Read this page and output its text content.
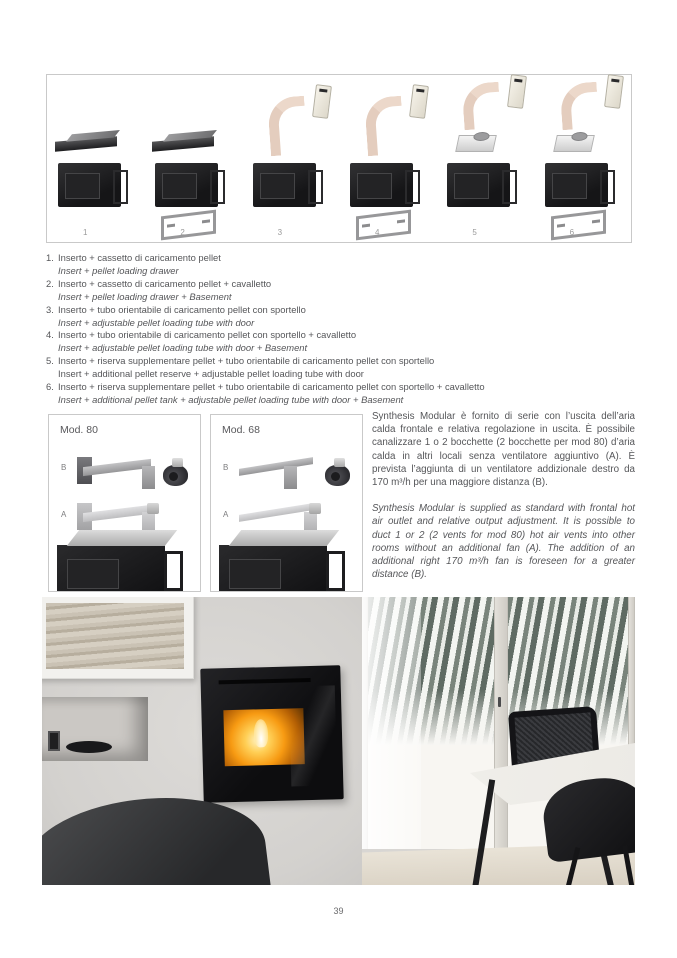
1	2	3	4	5	6
1. Inserto + cassetto di caricamento pellet
Insert + pellet loading drawer
2. Inserto + cassetto di caricamento pellet + cavalletto
Insert + pellet loading drawer + Basement
3. Inserto + tubo orientabile di caricamento pellet con sportello
Insert + adjustable pellet loading tube with door
4. Inserto + tubo orientabile di caricamento pellet con sportello + cavalletto
Insert + adjustable pellet loading tube with door + Basement
5. Inserto + riserva supplementare pellet + tubo orientabile di caricamento pellet con sportello
Insert + additional pellet reserve + adjustable pellet loading tube with door
6. Inserto + riserva supplementare pellet + tubo orientabile di caricamento pellet con sportello + cavalletto
Insert + additional pellet tank + adjustable pellet loading tube with door + Basement
Mod. 80
B
A
Mod. 68
B
A

Synthesis Modular è fornito di serie con l’uscita dell’aria calda frontale e relativa regolazione in uscita. È possibile canalizzare 1 o 2 bocchette (2 bocchette per mod 80) d’aria calda in altri locali senza ventilatore aggiuntivo (A). È prevista l’aggiunta di un ventilatore addizionale destro da 170 m³/h per una maggiore distanza (B).

Synthesis Modular is supplied as standard with frontal hot air outlet and relative output adjustment. It is possible to duct 1 or 2 (2 vents for mod 80) hot air vents into other rooms without an additional fan (A). The addition of an additional right 170 m³/h fan is foreseen for a greater distance (B).

39
